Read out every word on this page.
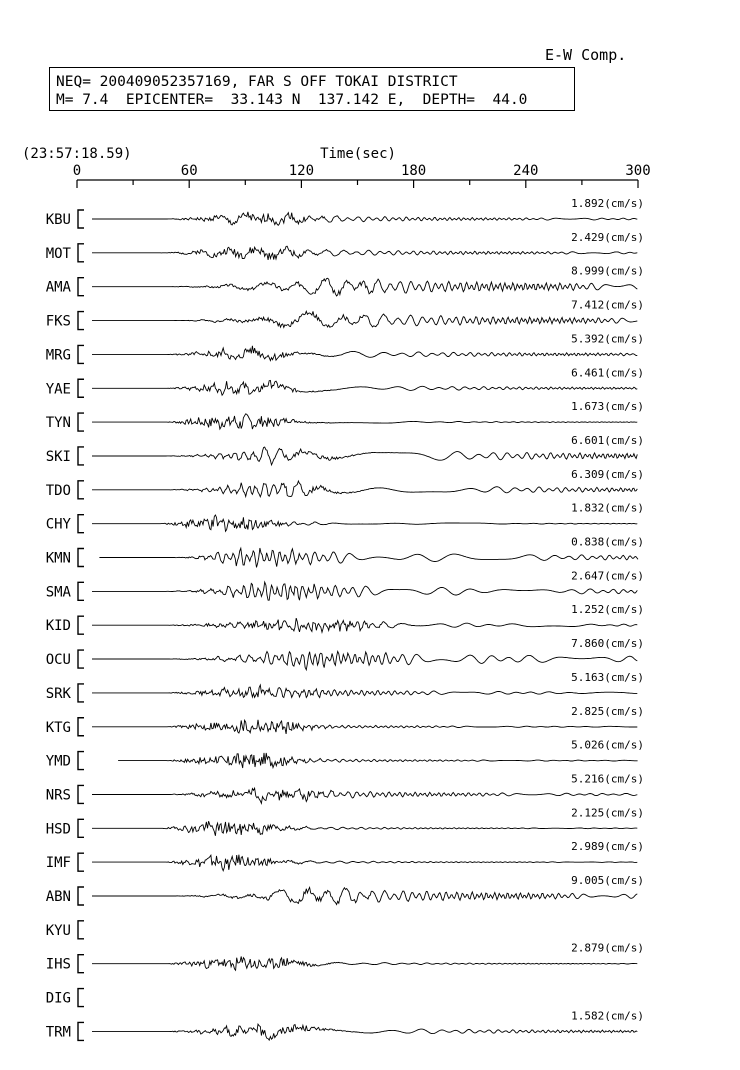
E-W Comp.
NEQ= 200409052357169, FAR S OFF TOKAI DISTRICT
M= 7.4  EPICENTER=  33.143 N  137.142 E,  DEPTH=  44.0
(23:57:18.59)	Time(sec)
0	60	120	180	240	300
KBU
1.892(cm/s)
MOT
2.429(cm/s)
AMA
8.999(cm/s)
FKS
7.412(cm/s)
MRG
5.392(cm/s)
YAE
6.461(cm/s)
TYN
1.673(cm/s)
SKI
6.601(cm/s)
TDO
6.309(cm/s)
CHY
1.832(cm/s)
KMN
0.838(cm/s)
SMA
2.647(cm/s)
KID
1.252(cm/s)
OCU
7.860(cm/s)
SRK
5.163(cm/s)
KTG
2.825(cm/s)
YMD
5.026(cm/s)
NRS
5.216(cm/s)
HSD
2.125(cm/s)
IMF
2.989(cm/s)
ABN
9.005(cm/s)
KYU
IHS
2.879(cm/s)
DIG
TRM
1.582(cm/s)
